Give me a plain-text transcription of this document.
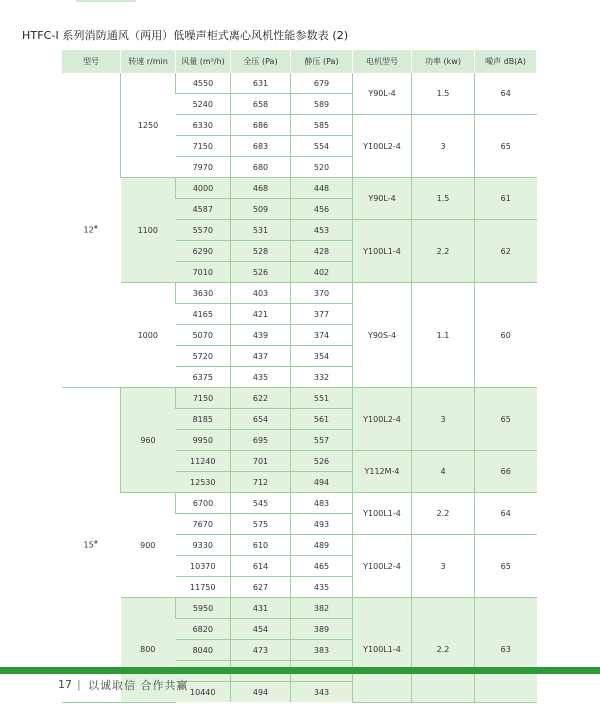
HTFC-I 系列消防通风（两用）低噪声柜式离心风机性能参数表 (2)
型号	转速 r/min	风量 (m³/h)	全压 (Pa)	静压 (Pa)	电机型号	功率 (kw)	噪声 dB(A)
12#	1250	4550	631	679	Y90L-4	1.5	64
		5240	658	589			
		6330	686	585	Y100L2-4	3	65
		7150	683	554			
		7970	680	520			
	1100	4000	468	448	Y90L-4	1.5	61
		4587	509	456			
		5570	531	453	Y100L1-4	2.2	62
		6290	528	428			
		7010	526	402			
	1000	3630	403	370	Y90S-4	1.1	60
		4165	421	377			
		5070	439	374			
		5720	437	354			
		6375	435	332			
15#	960	7150	622	551	Y100L2-4	3	65
		8185	654	561			
		9950	695	557			
		11240	701	526	Y112M-4	4	66
		12530	712	494			
	900	6700	545	483	Y100L1-4	2.2	64
		7670	575	493			
		9330	610	489	Y100L2-4	3	65
		10370	614	465			
		11750	627	435			
	800	5950	431	382	Y100L1-4	2.2	63
		6820	454	389			
		8040	473	383			

		10440	494	343			
17 | 以诚取信 合作共赢
